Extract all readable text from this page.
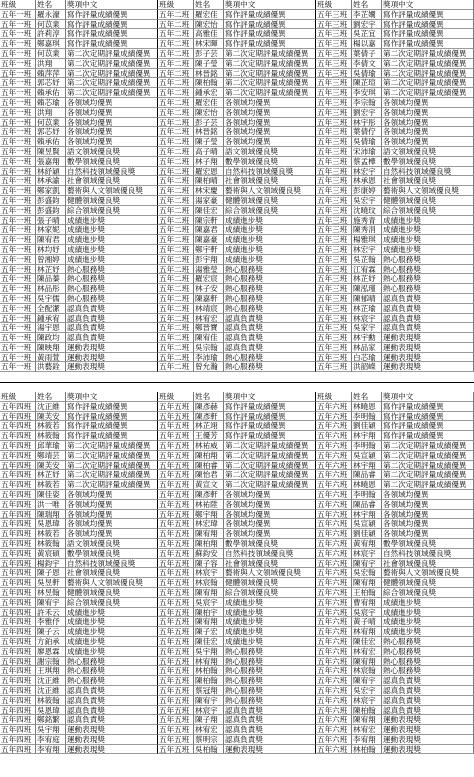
班級	姓名	獎項中文	班級	姓名	獎項中文	班級	姓名	獎項中文
五年一班 羅永濠 寫作評量成績優異	五年二班 羅宏佳 寫作評量成績優異	五年三班 李芷嫺 寫作評量成績優異
五年一班 何苡業 寫作評量成績優異	五年二班 陳宏怡 寫作評量成績優異	五年三班 劉宏宇 寫作評量成績優異
五年一班 許莉淳 寫作評量成績優異	五年二班 高雅佳 寫作評量成績優異	五年三班 吳芷宜 寫作評量成績優異
五年一班 鄭嘉琪 寫作評量成績優異	五年二班 林宋暉 寫作評量成績優異	五年三班 楊以嘉 寫作評量成績優異
五年一班 何苡業 第二次定期評量成績優異	五年二班 彭子芸 第二次定期評量成績優異	五年三班 葉倩子 第二次定期評量成績優異
五年一班 洪翔	第二次定期評量成績優異	五年二班 陳子瑩 第二次定期評量成績優異	五年三班 李倩文 第二次定期評量成績優異
五年一班 賴萍萍 第二次定期評量成績優異	五年二班 林晉銘 第二次定期評量成績優異	五年三班 吳倩瑜 第二次定期評量成績優異
五年一班 郭芯妤 第二次定期評量成績優異	五年二班 陳柏翰 第二次定期評量成績優異	五年三班 陳芷瑄 第二次定期評量成績優異
五年一班 賴承佑 第二次定期評量成績優異	五年二班 鍾承宏 第二次定期評量成績優異	五年三班 李安琪 第二次定期評量成績優異
五年一班 賴芯瑜 各領域均優異	五年二班 羅宏佳 各領域均優異	五年三班 李宗翰 各領域均優異
五年一班 洪翔	各領域均優異	五年二班 陳宏怡 各領域均優異	五年三班 劉宏宇 各領域均優異
五年一班 何苡業 各領域均優異	五年二班 彭子芸 各領域均優異	五年三班 林宇彤 各領域均優異
五年一班 郭芯妤 各領域均優異	五年二班 林晉銘 各領域均優異	五年三班 葉倩佇 各領域均優異
五年一班 賴承佑 各領域均優異	五年二班 陳子瑩 各領域均優異	五年三班 吳倩瑜 各領域均優異
五年一班 陳昱賢 語文領域優良獎	五年二班 高子晴 語文領域優良獎	五年三班 宋沛瑜 語文領域優良獎
五年一班 張嘉翔 數學領域優良獎	五年二班 林子翔 數學領域優良獎	五年三班 蔡孟樺 數學領域優良獎
五年一班 林紓穎 自然科技領域優良獎	五年二班 羅宏恩 自然科技領域優良獎	五年三班 林宏宇 自然科技領域優良獎
五年一班 林承諭 社會領域優良獎	五年二班 陳柏晴 社會領域優良獎	五年三班 林承恩 社會領域優良獎
五年一班 鄭家凱 藝術與人文領域優良獎	五年二班 林宋慶 藝術與人文領域優良獎	五年三班 彭康婷 藝術與人文領域優良獎
五年一班 彭盛鈞 健體領域優良獎	五年二班 湯家豪 健體領域優良獎	五年三班 吳宏宇 健體領域優良獎
五年一班 彭盛鈞 綜合領域優良獎	五年二班 陳佳宏 綜合領域優良獎	五年三班 沈曉玟 綜合領域優良獎
五年一班 張子晴 成績進步獎	五年二班 陳宗軒 成績進步獎	五年三班 施秀青 成績進步獎
五年一班 林家妮 成績進步獎	五年二班 陳嘉君 成績進步獎	五年三班 陳秀涓 成績進步獎
五年一班 陳宥君 成績進步獎	五年二班 陳嘉豪 成績進步獎	五年三班 楊雅琪 成績進步獎
五年一班 林均妤 成績進步獎	五年二班 鄭宇軒 成績進步獎	五年三班 林宏宇 成績進步獎
五年一班 曾湘婷 成績進步獎	五年二班 彭宇翔 成績進步獎	五年三班 吳芷翰 熱心服務獎
五年一班 林芷妤 熱心服務獎	五年二班 湯雅瑩 熱心服務獎	五年三班 江宥霖 熱心服務獎
五年一班 陳品蓁 熱心服務獎	五年二班 羅宏宸 熱心服務獎	五年三班 林芷妤 熱心服務獎
五年一班 林品彤 熱心服務獎	五年二班 林子安 熱心服務獎	五年三班 陳泓瑾 熱心服務獎
五年一班 吳宇儒 熱心服務獎	五年二班 陳嘉軒 熱心服務獎	五年三班 陳郁晴 認真負責獎
五年一班 全配潔 認真負責獎	五年二班 林靖宸 熱心服務獎	五年三班 林芷瑜 認真負責獎
五年一班 鍾承宥 認真負責獎	五年二班 林宥宏 認真負責獎	五年三班 林宸宇 認真負責獎
五年一班 湯宇恩 認真負責獎	五年二班 鄭晉寶 認真負責獎	五年三班 吳家宇 認真負責獎
五年一班 陳政均 認真負責獎	五年二班 陳宥佳 認真負責獎	五年三班 林宇勳 運動表現獎
五年一班 陳映翔 運動表現獎	五年二班 吳宗翰 認真負責獎	五年三班 林品家 運動表現獎
五年一班 黃雨萱 運動表現獎	五年二班 李沛瑜 熱心服務獎	五年三班 白芯瑜 運動表現獎
五年一班 洪藝銓 運動表現獎	五年二班 曾允瀚 熱心服務獎	五年三班 洪韶嶸 運動表現獎
班級	姓名	獎項中文	班級	姓名	獎項中文	班級	姓名	獎項中文
五年四班 沈正維 寫作評量成績優異	五年五班 陳彥赫 寫作評量成績優異	五年六班 林曉恩 寫作評量成績優異
五年四班 陳芙安 寫作評量成績優異	五年五班 陳彥軒 寫作評量成績優異	五年六班 李明翰 寫作評量成績優異
五年四班 林筱若 寫作評量成績優異	五年五班 林芷翊 寫作評量成績優異	五年六班 劉佳穎 寫作評量成績優異
五年四班 林筱翰 寫作評量成績優異	五年五班 王優芳 寫作評量成績優異	五年六班 林宇翔 寫作評量成績優異
五年四班 邱華瑜 第二次定期評量成績優異	五年五班 林祐威 第二次定期評量成績優異	五年六班 李明翰 第二次定期評量成績優異
五年四班 鄭靖芸 第二次定期評量成績優異	五年五班 陳柏翔 第二次定期評量成績優異	五年六班 吳宣穎 第二次定期評量成績優異
五年四班 陳芙安 第二次定期評量成績優異	五年五班 陳柏睿 第二次定期評量成績優異	五年六班 林宇翔 第二次定期評量成績優異
五年四班 林芷妤 第二次定期評量成績優異	五年五班 陳怡君 第二次定期評量成績優異	五年六班 陳品睿 第二次定期評量成績優異
五年四班 林筱若 第二次定期評量成績優異	五年五班 黃宣文 第二次定期評量成績優異	五年六班 林曉恩 第二次定期評量成績優異
五年四班 陳佳姿 各領域均優異	五年五班 陳彥軒 各領域均優異	五年六班 李明翰 各領域均優異
五年四班 洪一唯 各領域均優異	五年五班 林祐陞 各領域均優異	五年六班 陳品睿 各領域均優異
五年四班 陳瑞翔 各領域均優異	五年五班 鄭宇翔 各領域均優異	五年六班 林宇翔 各領域均優異
五年四班 吳恩瑋 各領域均優異	五年五班 林宏瑋 各領域均優異	五年六班 吳宣穎 各領域均優異
五年四班 林筱若 各領域均優異	五年五班 陳宥翔 各領域均優異	五年六班 劉佳穎 各領域均優異
五年四班 林筱翰 語文領域優良獎	五年五班 陳柏翔 數學領域優良獎	五年六班 黃宥翔 數學領域優良獎
五年四班 黃宸碩 數學領域優良獎	五年五班 蘇鈞安 自然科技領域優良獎	五年六班 林宸宇 自然科技領域優良獎
五年四班 楊鈞宇 自然科技領域優良獎	五年五班 陳子容 社會領域優良獎	五年六班 陳宥宇 社會領域優良獎
五年四班 陳子恩 社會領域優良獎	五年五班 林宸宇 藝術與人文領域優良獎	五年六班 吳宏翰 藝術與人文領域優良獎
五年四班 吳昱軒 藝術與人文領域優良獎	五年五班 林宸翰 健體領域優良獎	五年六班 陳宥翔 健體領域優良獎
五年四班 林昱翰 健體領域優良獎	五年五班 陳宥翔 綜合領域優良獎	五年六班 王柏翰 綜合領域優良獎
五年四班 陳宥宇 綜合領域優良獎	五年五班 吳宸宇 成績進步獎	五年六班 曹宥翔 成績進步獎
五年四班 許禾云 成績進步獎	五年五班 陳柏宇 成績進步獎	五年六班 吳宸宇 成績進步獎
五年四班 李雅伃 成績進步獎	五年五班 陳宥翔 成績進步獎	五年六班 黃子晴 成績進步獎
五年四班 陳子云 成績進步獎	五年五班 陳子宏 成績進步獎	五年六班 林宥翔 成績進步獎
五年四班 方鉑承 成績進步獎	五年五班 陳佳宏 成績進步獎	五年六班 陳佳宏 熱心服務獎
五年四班 廖恩霖 成績進步獎	五年五班 吳宇翔 熱心服務獎	五年六班 林宥宏 熱心服務獎
五年四班 謝宗翰 熱心服務獎	五年五班 林宥翔 熱心服務獎	五年六班 陳宥翔 熱心服務獎
五年四班 王琪翔 熱心服務獎	五年五班 林柏翰 熱心服務獎	五年六班 林宸翰 熱心服務獎
五年四班 沈正維 熱心服務獎	五年五班 陳柏翰 熱心服務獎	五年六班 陳宥宇 認真負責獎
五年四班 沈正維 認真負責獎	五年五班 蔡冠翔 熱心服務獎	五年六班 吳宏宇 認真負責獎
五年四班 林筱翰 認真負責獎	五年五班 陳宥宇 熱心服務獎	五年六班 林宸宇 認真負責獎
五年四班 吳恩瑋 認真負責獎	五年五班 林宸宇 認真負責獎	五年六班 陳柏翰 認真負責獎
五年四班 鄭銘繁 認真負責獎	五年五班 陳子翔 認真負責獎	五年六班 陳宥翔 運動表現獎
五年四班 吳宇翔 運動表現獎	五年五班 林宥宏 認真負責獎	五年六班 林宥宏 運動表現獎
五年四班 李宥庭 運動表現獎	五年五班 蔡明宗 認真負責獎	五年六班 李宥翔 運動表現獎
五年四班 李宥翔 運動表現獎	五年五班 吳柏翰 運動表現獎	五年六班 林柏翰 運動表現獎
